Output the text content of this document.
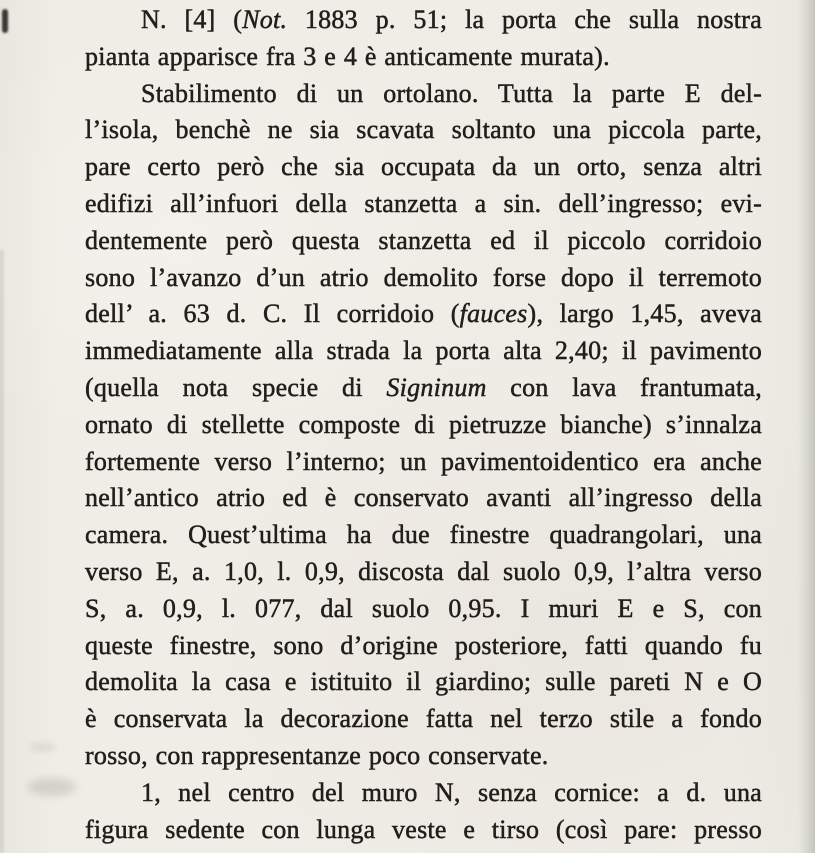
N. [4] (Not. 1883 p. 51; la porta che sulla nostra
pianta apparisce fra 3 e 4 è anticamente murata).
Stabilimento di un ortolano. Tutta la parte E del-
l’isola, benchè ne sia scavata soltanto una piccola parte,
pare certo però che sia occupata da un orto, senza altri
edifizi all’infuori della stanzetta a sin. dell’ingresso; evi-
dentemente però questa stanzetta ed il piccolo corridoio
sono l’avanzo d’un atrio demolito forse dopo il terremoto
dell’ a. 63 d. C. Il corridoio (fauces), largo 1,45, aveva
immediatamente alla strada la porta alta 2,40; il pavimento
(quella nota specie di Signinum con lava frantumata,
ornato di stellette composte di pietruzze bianche) s’innalza
fortemente verso l’interno; un pavimentoidentico era anche
nell’antico atrio ed è conservato avanti all’ingresso della
camera. Quest’ultima ha due finestre quadrangolari, una
verso E, a. 1,0, l. 0,9, discosta dal suolo 0,9, l’altra verso
S, a. 0,9, l. 077, dal suolo 0,95. I muri E e S, con
queste finestre, sono d’origine posteriore, fatti quando fu
demolita la casa e istituito il giardino; sulle pareti N e O
è conservata la decorazione fatta nel terzo stile a fondo
rosso, con rappresentanze poco conservate.
1, nel centro del muro N, senza cornice: a d. una
figura sedente con lunga veste e tirso (così pare: presso
